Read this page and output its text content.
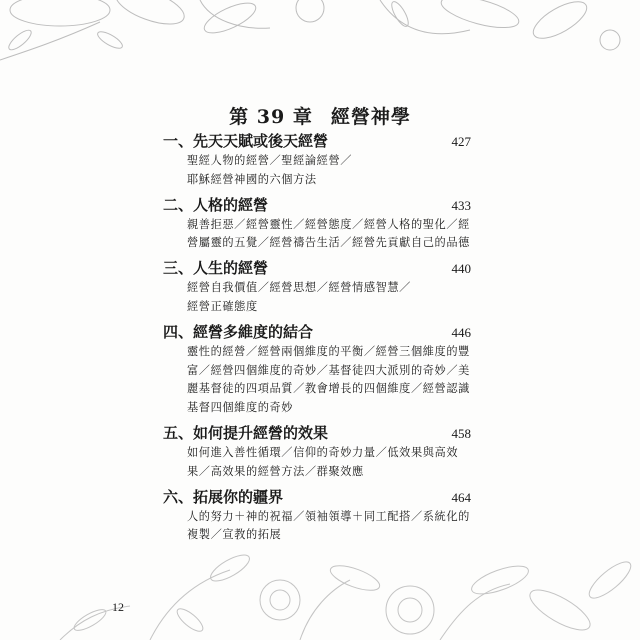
第 39 章 經營神學
一、先天天賦或後天經營	427
聖經人物的經營／聖經論經營／
耶穌經營神國的六個方法
二、人格的經營	433
親善拒惡／經營靈性／經營態度／經營人格的聖化／經
營屬靈的五覺／經營禱告生活／經營先貢獻自己的品德
三、人生的經營	440
經營自我價值／經營思想／經營情感智慧／
經營正確態度
四、經營多維度的結合	446
靈性的經營／經營兩個維度的平衡／經營三個維度的豐
富／經營四個維度的奇妙／基督徒四大派別的奇妙／美
麗基督徒的四項品質／教會增長的四個維度／經營認識
基督四個維度的奇妙
五、如何提升經營的效果	458
如何進入善性循環／信仰的奇妙力量／低效果與高效
果／高效果的經營方法／群聚效應
六、拓展你的疆界	464
人的努力＋神的祝福／領袖領導＋同工配搭／系統化的
複製／宣教的拓展
12
